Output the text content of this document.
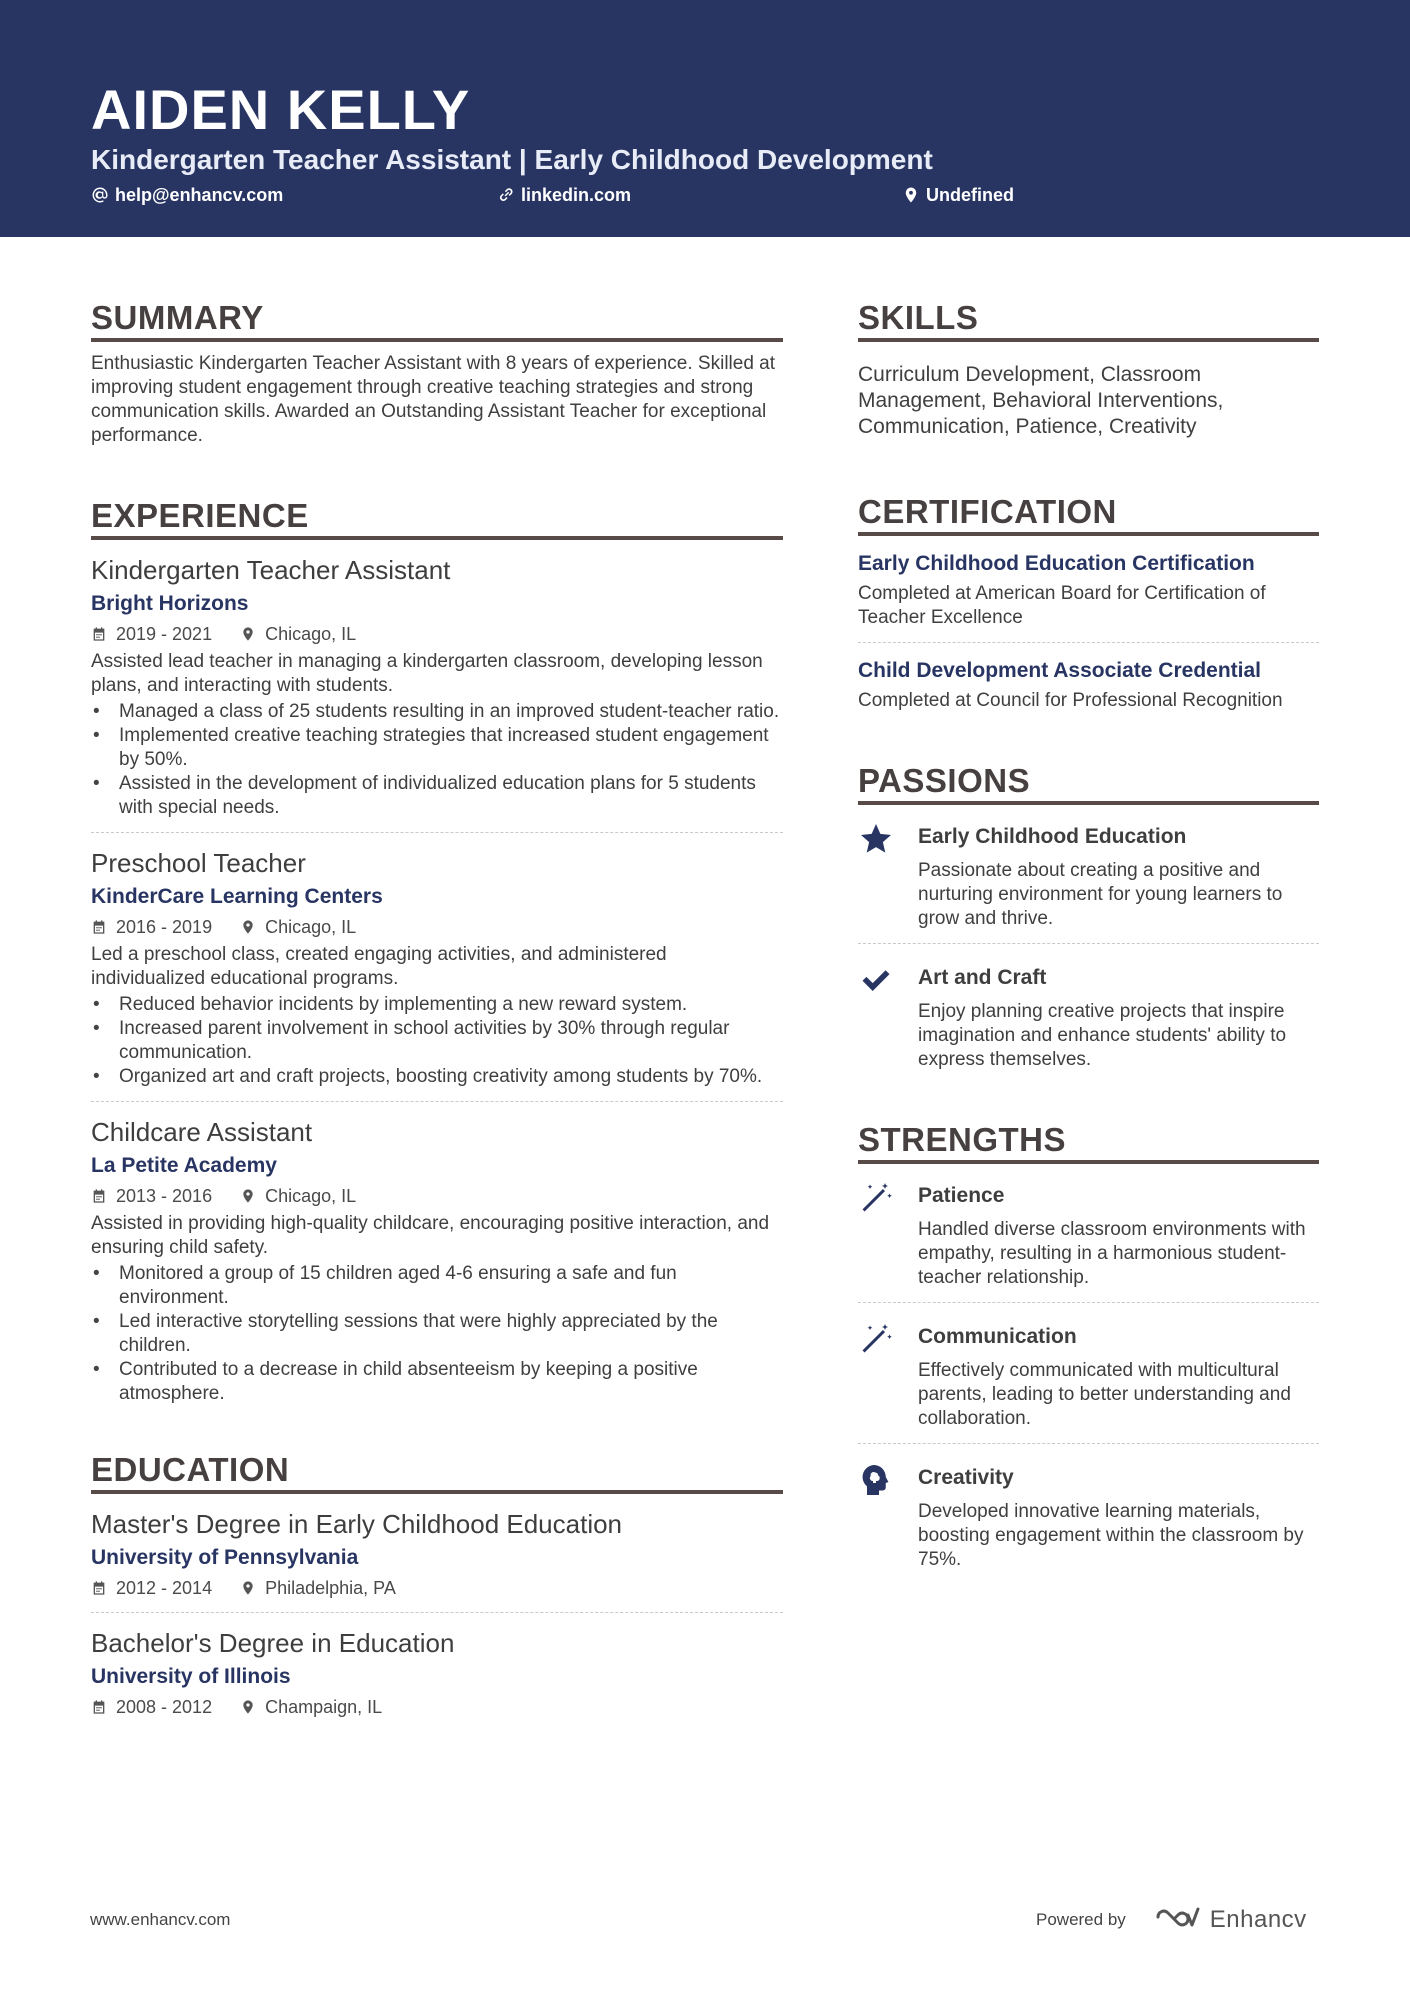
AIDEN KELLY
Kindergarten Teacher Assistant | Early Childhood Development
help@enhancv.com	linkedin.com	Undefined
SUMMARY

Enthusiastic Kindergarten Teacher Assistant with 8 years of experience. Skilled at improving student engagement through creative teaching strategies and strong communication skills. Awarded an Outstanding Assistant Teacher for exceptional performance.

EXPERIENCE

Kindergarten Teacher Assistant

Bright Horizons

2019 - 2021	Chicago, IL

Assisted lead teacher in managing a kindergarten classroom, developing lesson plans, and interacting with students.

• Managed a class of 25 students resulting in an improved student-teacher ratio.
• Implemented creative teaching strategies that increased student engagement by 50%.
• Assisted in the development of individualized education plans for 5 students with special needs.

Preschool Teacher

KinderCare Learning Centers

2016 - 2019	Chicago, IL

Led a preschool class, created engaging activities, and administered individualized educational programs.

• Reduced behavior incidents by implementing a new reward system.
• Increased parent involvement in school activities by 30% through regular communication.
• Organized art and craft projects, boosting creativity among students by 70%.

Childcare Assistant

La Petite Academy

2013 - 2016	Chicago, IL

Assisted in providing high-quality childcare, encouraging positive interaction, and ensuring child safety.

• Monitored a group of 15 children aged 4-6 ensuring a safe and fun environment.
• Led interactive storytelling sessions that were highly appreciated by the children.
• Contributed to a decrease in child absenteeism by keeping a positive atmosphere.
EDUCATION

Master's Degree in Early Childhood Education

University of Pennsylvania

2012 - 2014	Philadelphia, PA

Bachelor's Degree in Education

University of Illinois

2008 - 2012	Champaign, IL
SKILLS

Curriculum Development, Classroom Management, Behavioral Interventions, Communication, Patience, Creativity

CERTIFICATION

Early Childhood Education Certification

Completed at American Board for Certification of Teacher Excellence

Child Development Associate Credential

Completed at Council for Professional Recognition

PASSIONS

Early Childhood Education

Passionate about creating a positive and nurturing environment for young learners to grow and thrive.

Art and Craft

Enjoy planning creative projects that inspire imagination and enhance students' ability to express themselves.

STRENGTHS

Patience

Handled diverse classroom environments with empathy, resulting in a harmonious student-teacher relationship.

Communication

Effectively communicated with multicultural parents, leading to better understanding and collaboration.

Creativity

Developed innovative learning materials, boosting engagement within the classroom by 75%.

www.enhancv.com	Powered by	Enhancv
